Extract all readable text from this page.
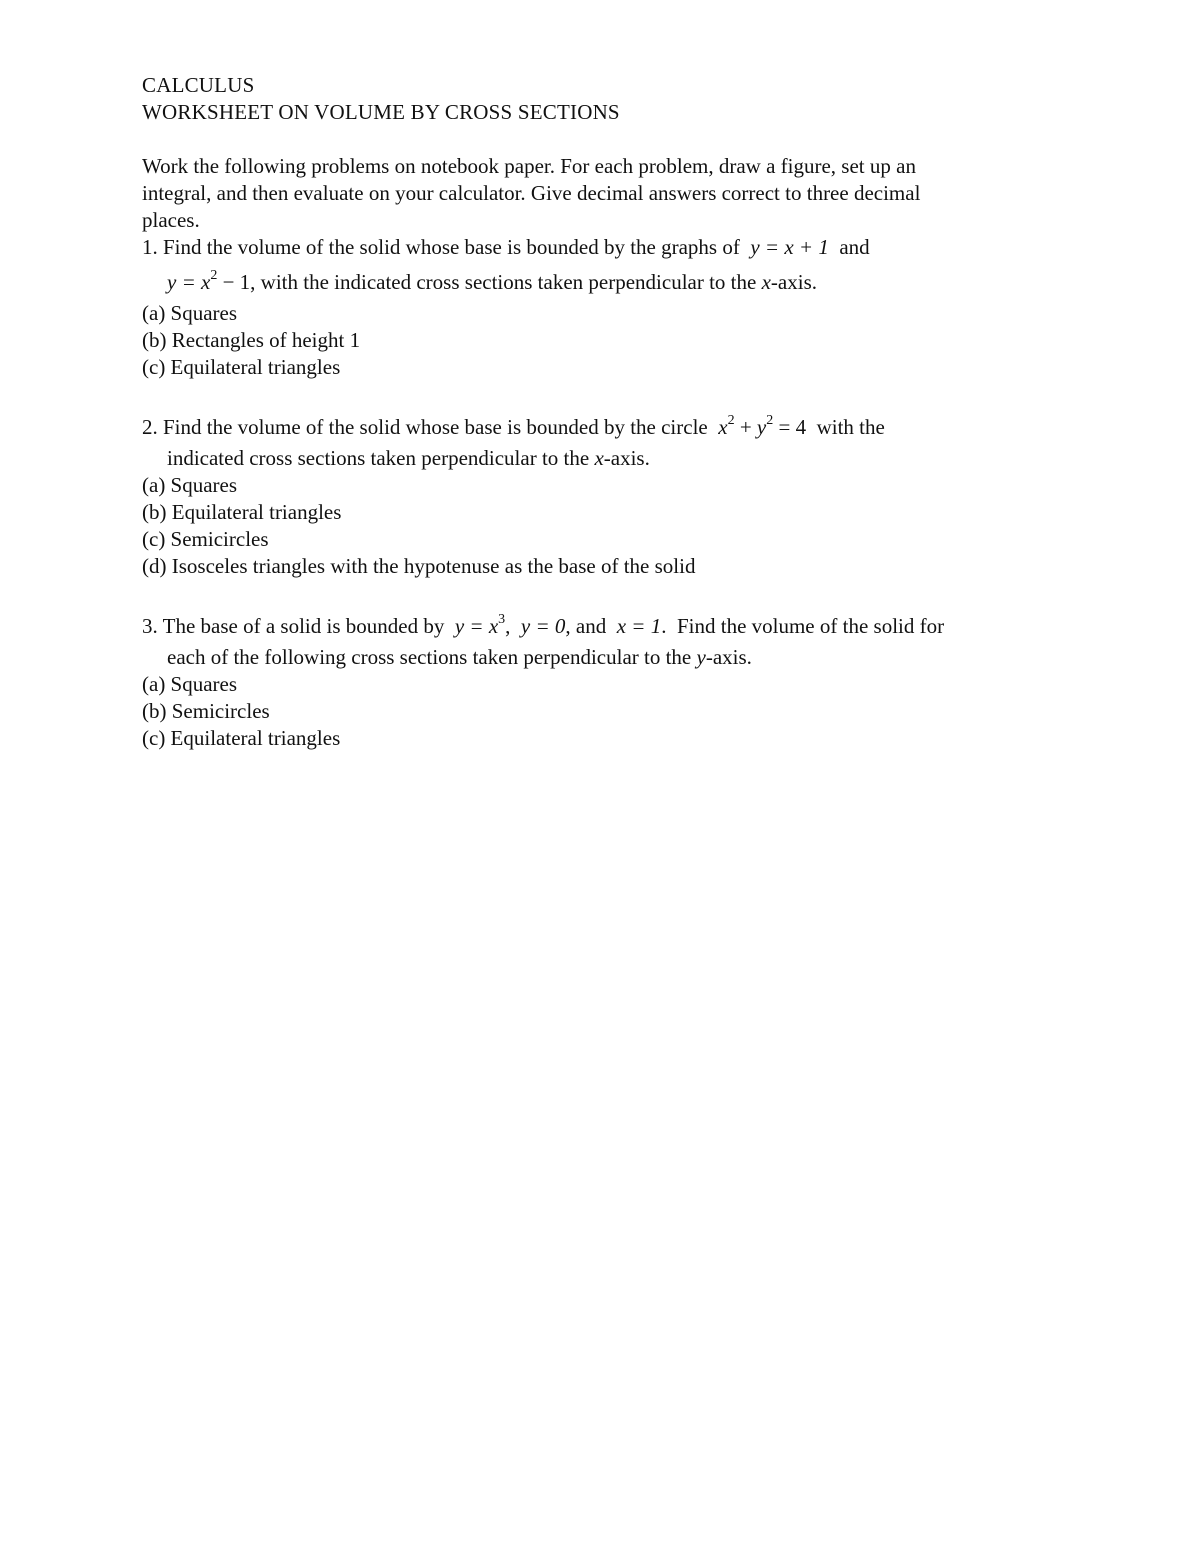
CALCULUS
WORKSHEET ON VOLUME BY CROSS SECTIONS
Work the following problems on notebook paper. For each problem, draw a figure, set up an
integral, and then evaluate on your calculator. Give decimal answers correct to three decimal
places.
1. Find the volume of the solid whose base is bounded by the graphs of y = x + 1 and
$y = x^2 - 1$, with the indicated cross sections taken perpendicular to the x-axis.
(a) Squares
(b) Rectangles of height 1
(c) Equilateral triangles
2. Find the volume of the solid whose base is bounded by the circle $x^2 + y^2 = 4$ with the
indicated cross sections taken perpendicular to the x-axis.
(a) Squares
(b) Equilateral triangles
(c) Semicircles
(d) Isosceles triangles with the hypotenuse as the base of the solid
3. The base of a solid is bounded by $y = x^3$,  y = 0, and x = 1.  Find the volume of the solid for
each of the following cross sections taken perpendicular to the y-axis.
(a) Squares
(b) Semicircles
(c) Equilateral triangles
